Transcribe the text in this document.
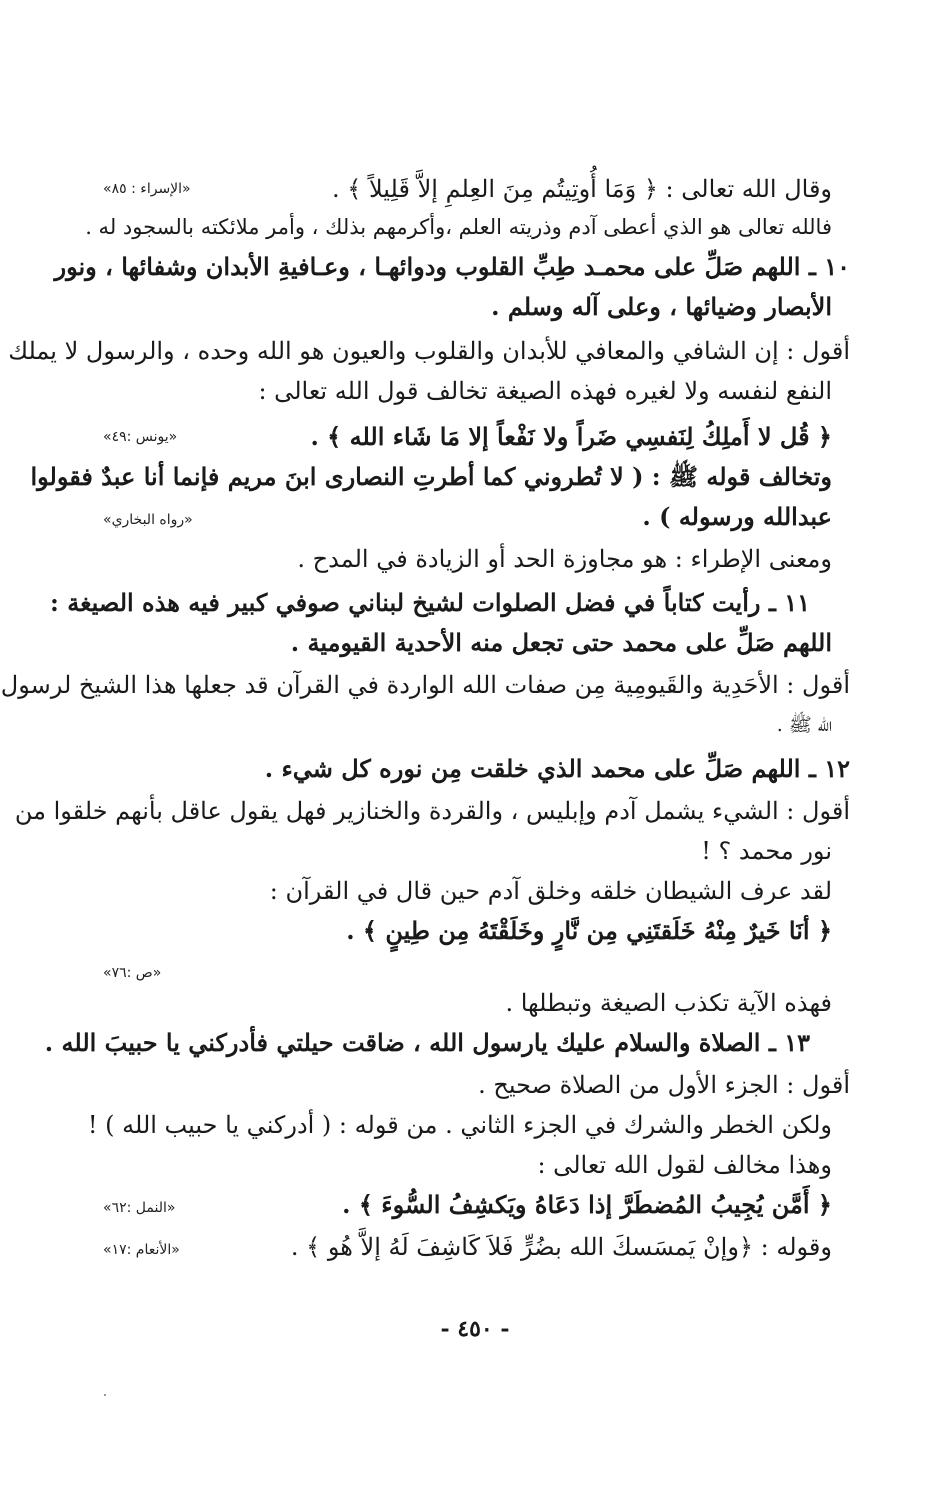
وقال الله تعالى : ﴿ وَمَا أُوتِيتُم مِنَ العِلمِ إلاَّ قَلِيلاً ﴾ .
«الإسراء : ٨٥»
فالله تعالى هو الذي أعطى آدم وذريته العلم ،وأكرمهم بذلك ، وأمر ملائكته بالسجود له .
١٠ ـ اللهم صَلِّ على محمـد طِبِّ القلوب ودوائهـا ، وعـافيةِ الأبدان وشفائها ، ونور
الأبصار وضيائها ، وعلى آله وسلم .
أقول : إن الشافي والمعافي للأبدان والقلوب والعيون هو الله وحده ، والرسول لا يملك
النفع لنفسه ولا لغيره فهذه الصيغة تخالف قول الله تعالى :
﴿ قُل لا أَملِكُ لِنَفسِي ضَراً ولا نَفْعاً إلا مَا شَاء الله ﴾ .
«يونس :٤٩»
وتخالف قوله ﷺ : ( لا تُطروني كما أطرتِ النصارى ابنَ مريم فإنما أنا عبدٌ فقولوا
عبدالله ورسوله ) .
«رواه البخاري»
ومعنى الإطراء : هو مجاوزة الحد أو الزيادة في المدح .
١١ ـ رأيت كتاباً في فضل الصلوات لشيخ لبناني صوفي كبير فيه هذه الصيغة :
اللهم صَلِّ على محمد حتى تجعل منه الأحدية القيومية .
أقول : الأحَدِية والقَيومِية مِن صفات الله الواردة في القرآن قد جعلها هذا الشيخ لرسول
الله ﷺ .
١٢ ـ اللهم صَلِّ على محمد الذي خلقت مِن نوره كل شيء .
أقول : الشيء يشمل آدم وإبليس ، والقردة والخنازير فهل يقول عاقل بأنهم خلقوا من
نور محمد ؟ !
لقد عرف الشيطان خلقه وخلق آدم حين قال في القرآن :
﴿ أنَا خَيرٌ مِنْهُ خَلَقتَنِي مِن نَّارٍ وخَلَقْتَهُ مِن طِينٍ ﴾ .
«ص :٧٦»
فهذه الآية تكذب الصيغة وتبطلها .
١٣ ـ الصلاة والسلام عليك يارسول الله ، ضاقت حيلتي فأدركني يا حبيبَ الله .
أقول : الجزء الأول من الصلاة صحيح .
ولكن الخطر والشرك في الجزء الثاني . من قوله : ( أدركني يا حبيب الله ) !
وهذا مخالف لقول الله تعالى :
﴿ أَمَّن يُجِيبُ المُضطَرَّ إذا دَعَاهُ ويَكشِفُ السُّوءَ ﴾ .
«النمل :٦٢»
وقوله : ﴿وإنْ يَمسَسكَ الله بضُرٍّ فَلاَ كَاشِفَ لَهُ إلاَّ هُو ﴾ .
«الأنعام :١٧»
- ٤٥٠ -
